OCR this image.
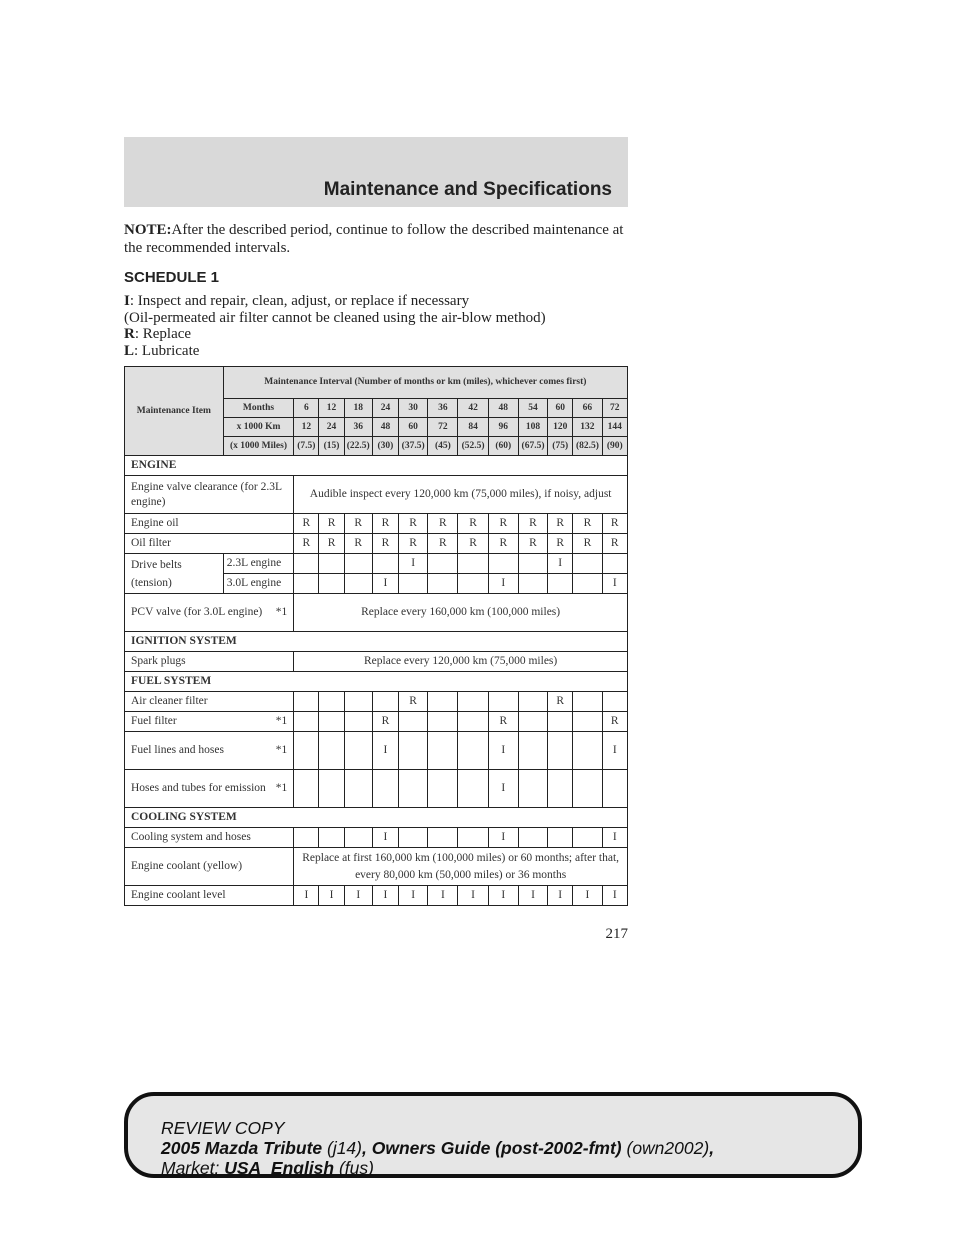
Maintenance and Specifications
NOTE:After the described period, continue to follow the described maintenance at the recommended intervals.
SCHEDULE 1
I: Inspect and repair, clean, adjust, or replace if necessary
(Oil-permeated air filter cannot be cleaned using the air-blow method)
R: Replace
L: Lubricate
Maintenance Item	Maintenance Interval (Number of months or km (miles), whichever comes first)												
	Months	6	12	18	24	30	36	42	48	54	60	66	72
	x 1000 Km	12	24	36	48	60	72	84	96	108	120	132	144
	(x 1000 Miles)	(7.5)	(15)	(22.5)	(30)	(37.5)	(45)	(52.5)	(60)	(67.5)	(75)	(82.5)	(90)
ENGINE													
Engine valve clearance (for 2.3L engine)		Audible inspect every 120,000 km (75,000 miles), if noisy, adjust											
Engine oil		R	R	R	R	R	R	R	R	R	R	R	R
Oil filter		R	R	R	R	R	R	R	R	R	R	R	R
Drive belts (tension)	2.3L engine					I					I		
	3.0L engine				I				I				I

PCV valve (for 3.0L engine) *1		Replace every 160,000 km (100,000 miles)											
IGNITION SYSTEM													
Spark plugs		Replace every 120,000 km (75,000 miles)											
FUEL SYSTEM													
Air cleaner filter						R					R		

Fuel filter *1					R				R				R

Fuel lines and hoses *1					I				I				I

Hoses and tubes for emission *1									I				
COOLING SYSTEM													
Cooling system and hoses					I				I				I
Engine coolant (yellow)		Replace at first 160,000 km (100,000 miles) or 60 months; after that, every 80,000 km (50,000 miles) or 36 months											
Engine coolant level		I	I	I	I	I	I	I	I	I	I	I	I
217
REVIEW COPY
2005 Mazda Tribute (j14), Owners Guide (post-2002-fmt) (own2002),
Market: USA_English (fus)
